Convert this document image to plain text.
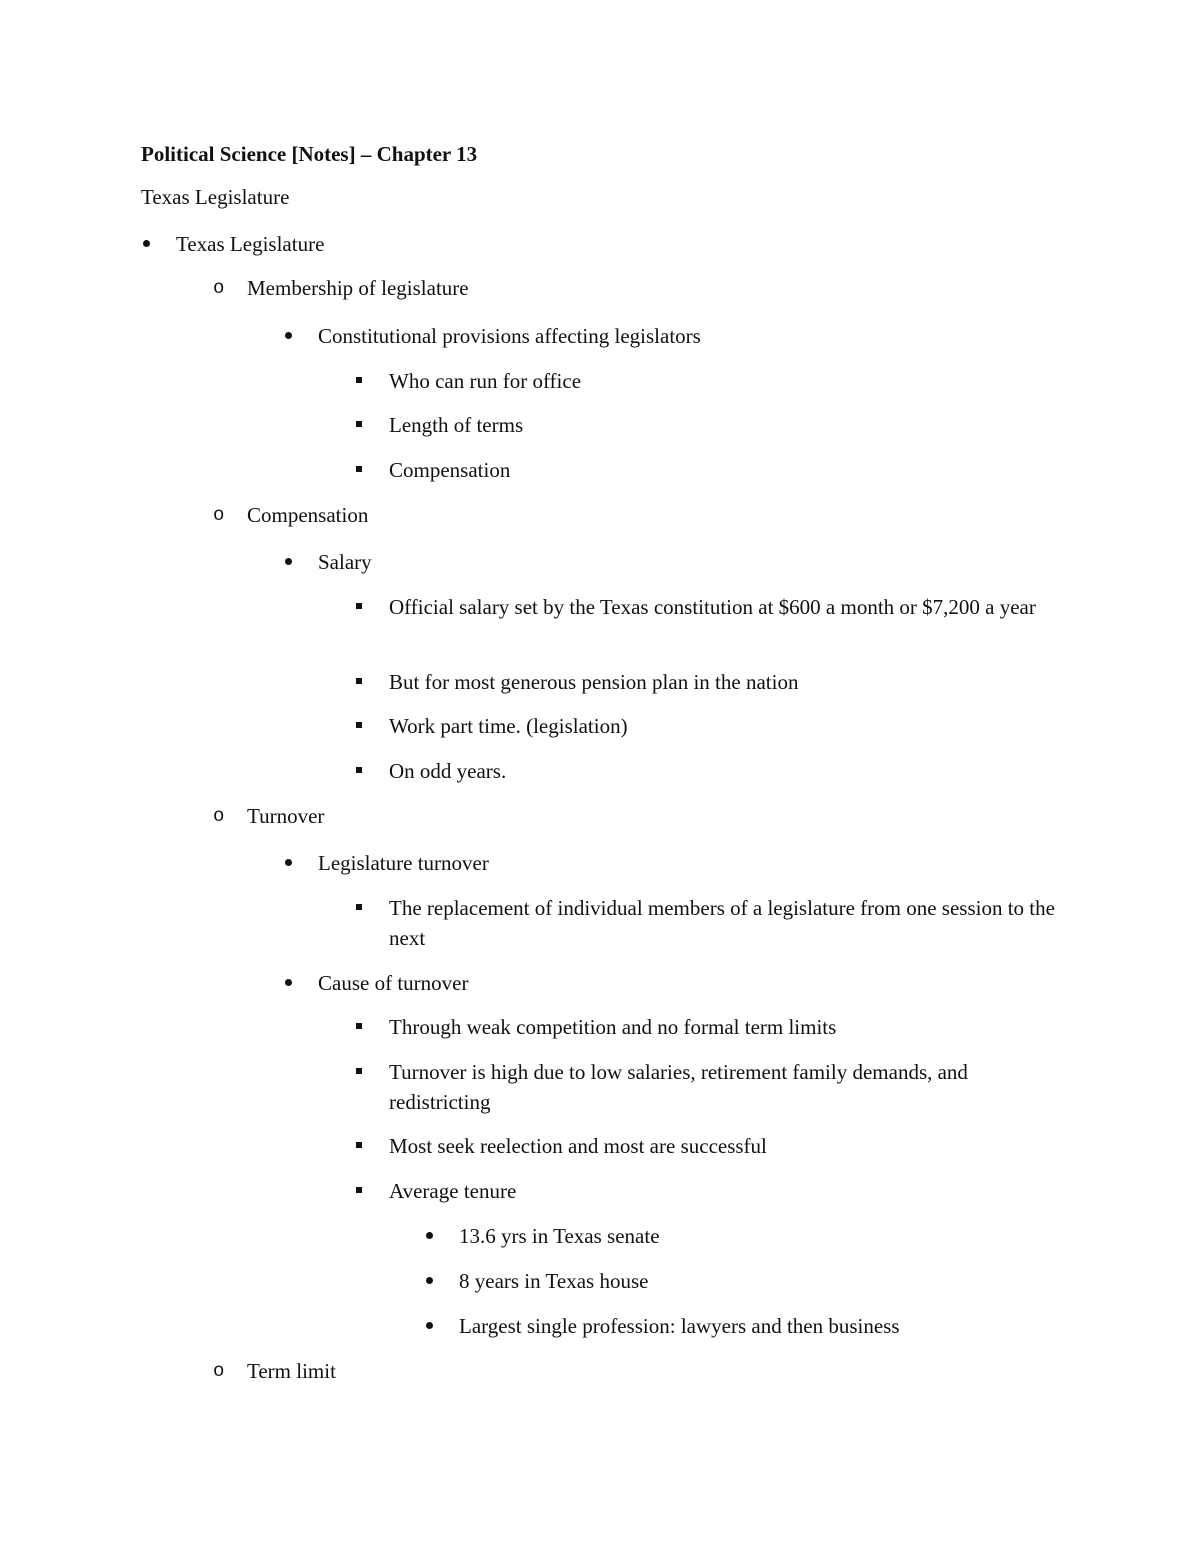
Political Science [Notes] – Chapter 13
Texas Legislature
Texas Legislature
o Membership of legislature
Constitutional provisions affecting legislators
Who can run for office
Length of terms
Compensation
o Compensation
Salary
Official salary set by the Texas constitution at $600 a month or $7,200 a year
But for most generous pension plan in the nation
Work part time. (legislation)
On odd years.
o Turnover
Legislature turnover
The replacement of individual members of a legislature from one session to the next
Cause of turnover
Through weak competition and no formal term limits
Turnover is high due to low salaries, retirement family demands, and redistricting
Most seek reelection and most are successful
Average tenure
13.6 yrs in Texas senate
8 years in Texas house
Largest single profession: lawyers and then business
o Term limit
